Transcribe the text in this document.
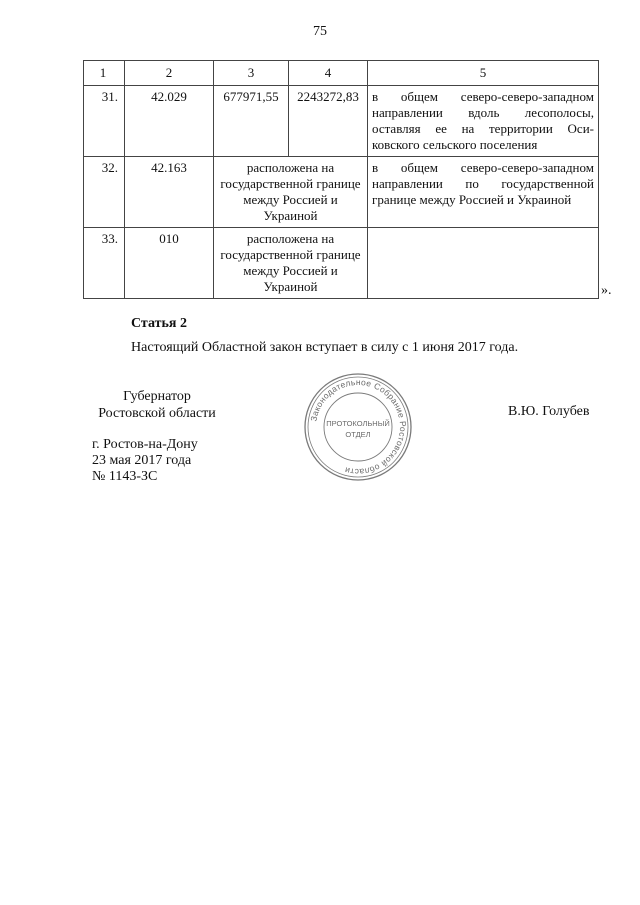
75
1	2	3	4	5
31.	42.029	677971,55	2243272,83	в общем северо-северо-западном направлении вдоль лесополосы, оставляя ее на территории Оси-ковского сельского поселения
32.	42.163	расположена на государственной границе между Россией и Украиной		в общем северо-северо-западном направлении по государственной границе между Россией и Украиной
33.	010	расположена на государственной границе между Россией и Украиной			».
Статья 2
Настоящий Областной закон вступает в силу с 1 июня 2017 года.
Губернатор
Ростовской области	В.Ю. Голубев
г. Ростов-на-Дону
23 мая 2017 года
№ 1143-ЗС
Законодательное Собрание Ростовской области
ПРОТОКОЛЬНЫЙ
ОТДЕЛ
